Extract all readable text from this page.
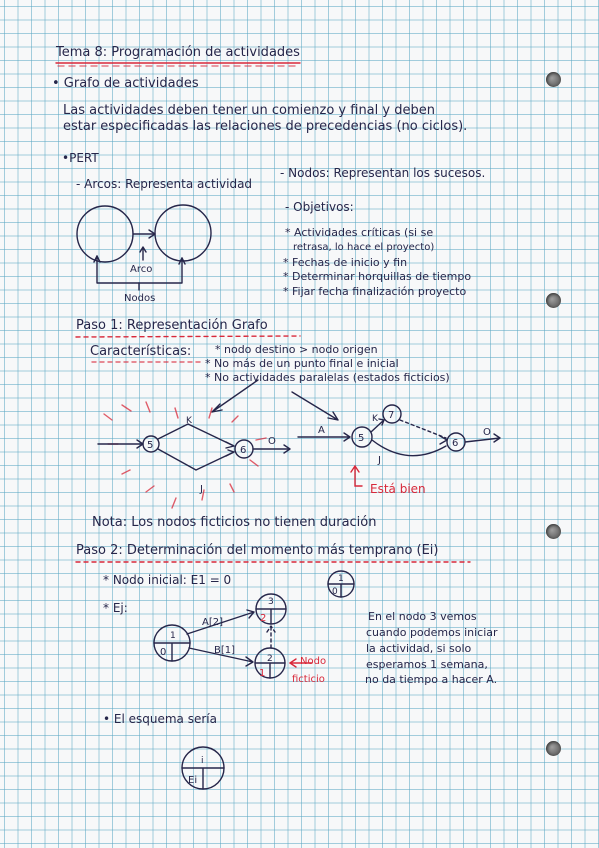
Tema 8: Programación de actividades
• Grafo de actividades
Las actividades deben tener un comienzo y final y deben
estar especificadas las relaciones de precedencias (no ciclos).
•PERT
- Arcos: Representa actividad
- Nodos: Representan los sucesos.
- Objetivos:
* Actividades críticas (si se
retrasa, lo hace el proyecto)
* Fechas de inicio y fin
* Determinar horquillas de tiempo
* Fijar fecha finalización proyecto
Paso 1: Representación Grafo
Características: * nodo destino > nodo origen
* No más de un punto final e inicial
* No actividades paralelas (estados ficticios)
Está bien
Nota: Los nodos ficticios no tienen duración
Paso 2: Determinación del momento más temprano (Ei)
* Nodo inicial: E1 = 0
* Ej:
En el nodo 3 vemos
cuando podemos iniciar
la actividad, si solo
esperamos 1 semana,
no da tiempo a hacer A.
• El esquema sería
Arco
Nodos
5	6
K
J
O
A
5
K 7
J
6
O
1
0
1
0
3
2
2
1
A[2]
B[1]
Nodo
ficticio
i
Ei
